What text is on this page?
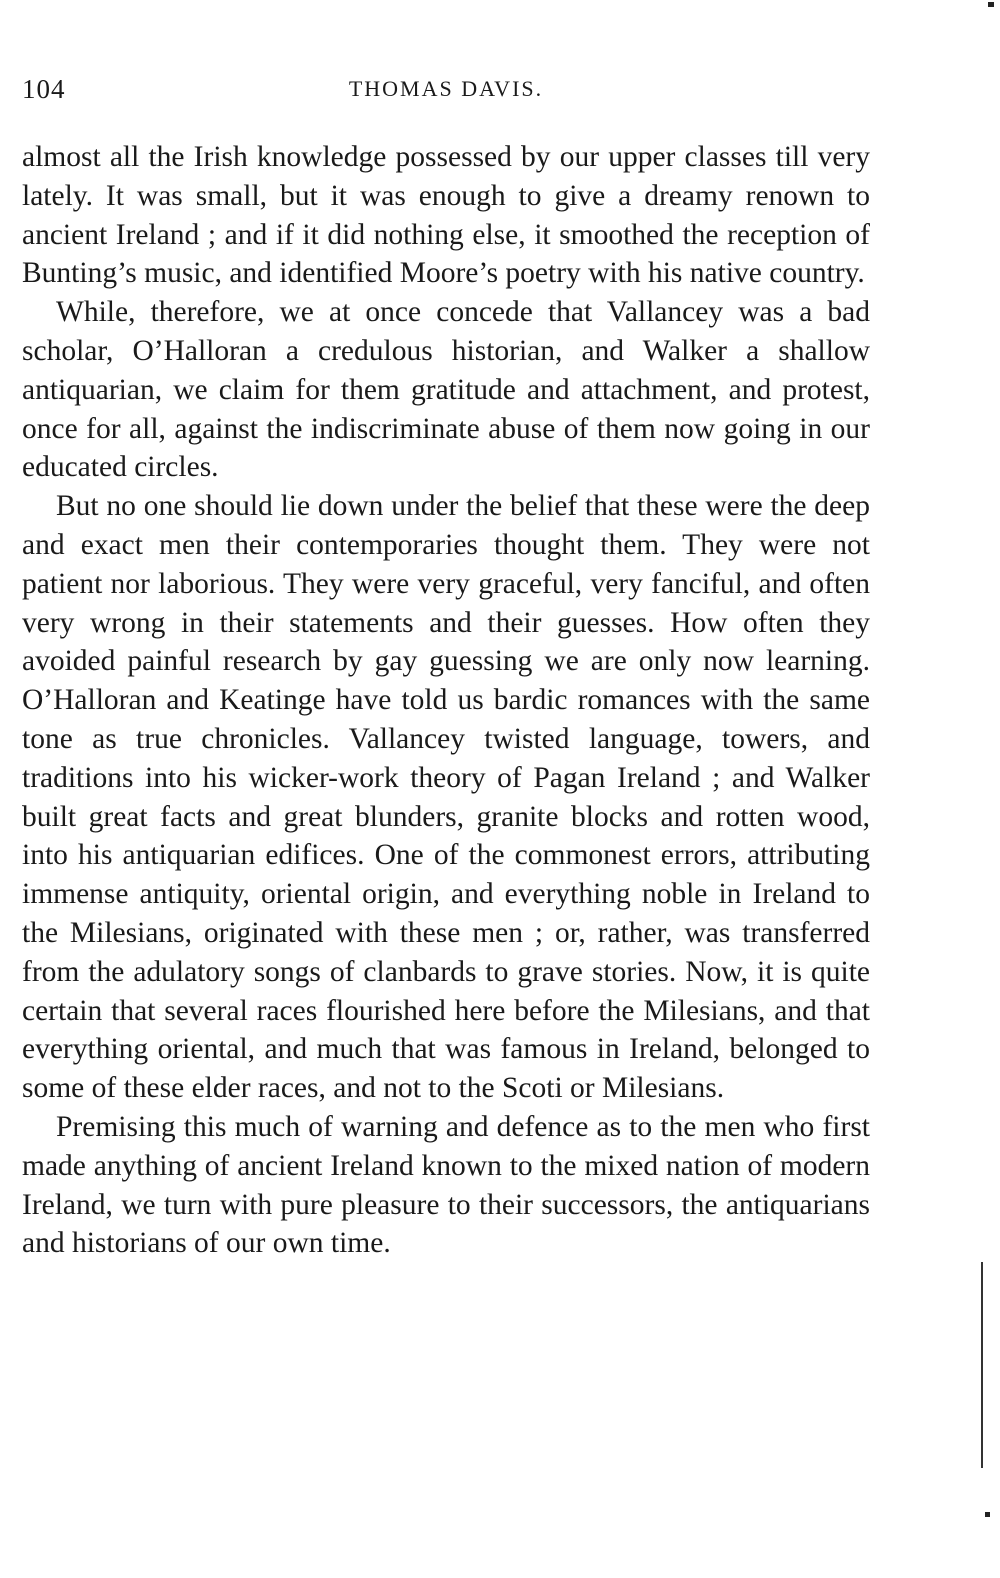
104	THOMAS DAVIS.

almost all the Irish knowledge possessed by our upper classes till very lately. It was small, but it was enough to give a dreamy renown to ancient Ireland ; and if it did nothing else, it smoothed the reception of Bunting’s music, and identified Moore’s poetry with his native country.

While, therefore, we at once concede that Vallancey was a bad scholar, O’Halloran a credulous historian, and Walker a shallow antiquarian, we claim for them gratitude and attachment, and protest, once for all, against the indiscriminate abuse of them now going in our educated circles.

But no one should lie down under the belief that these were the deep and exact men their contemporaries thought them. They were not patient nor laborious. They were very graceful, very fanciful, and often very wrong in their statements and their guesses. How often they avoided painful research by gay guessing we are only now learning. O’Halloran and Keatinge have told us bardic romances with the same tone as true chronicles. Vallancey twisted language, towers, and traditions into his wicker-work theory of Pagan Ireland ; and Walker built great facts and great blunders, granite blocks and rotten wood, into his antiquarian edifices. One of the commonest errors, attributing immense antiquity, oriental origin, and everything noble in Ireland to the Milesians, originated with these men ; or, rather, was transferred from the adulatory songs of clanbards to grave stories. Now, it is quite certain that several races flourished here before the Milesians, and that everything oriental, and much that was famous in Ireland, belonged to some of these elder races, and not to the Scoti or Milesians.

Premising this much of warning and defence as to the men who first made anything of ancient Ireland known to the mixed nation of modern Ireland, we turn with pure pleasure to their successors, the antiquarians and historians of our own time.
